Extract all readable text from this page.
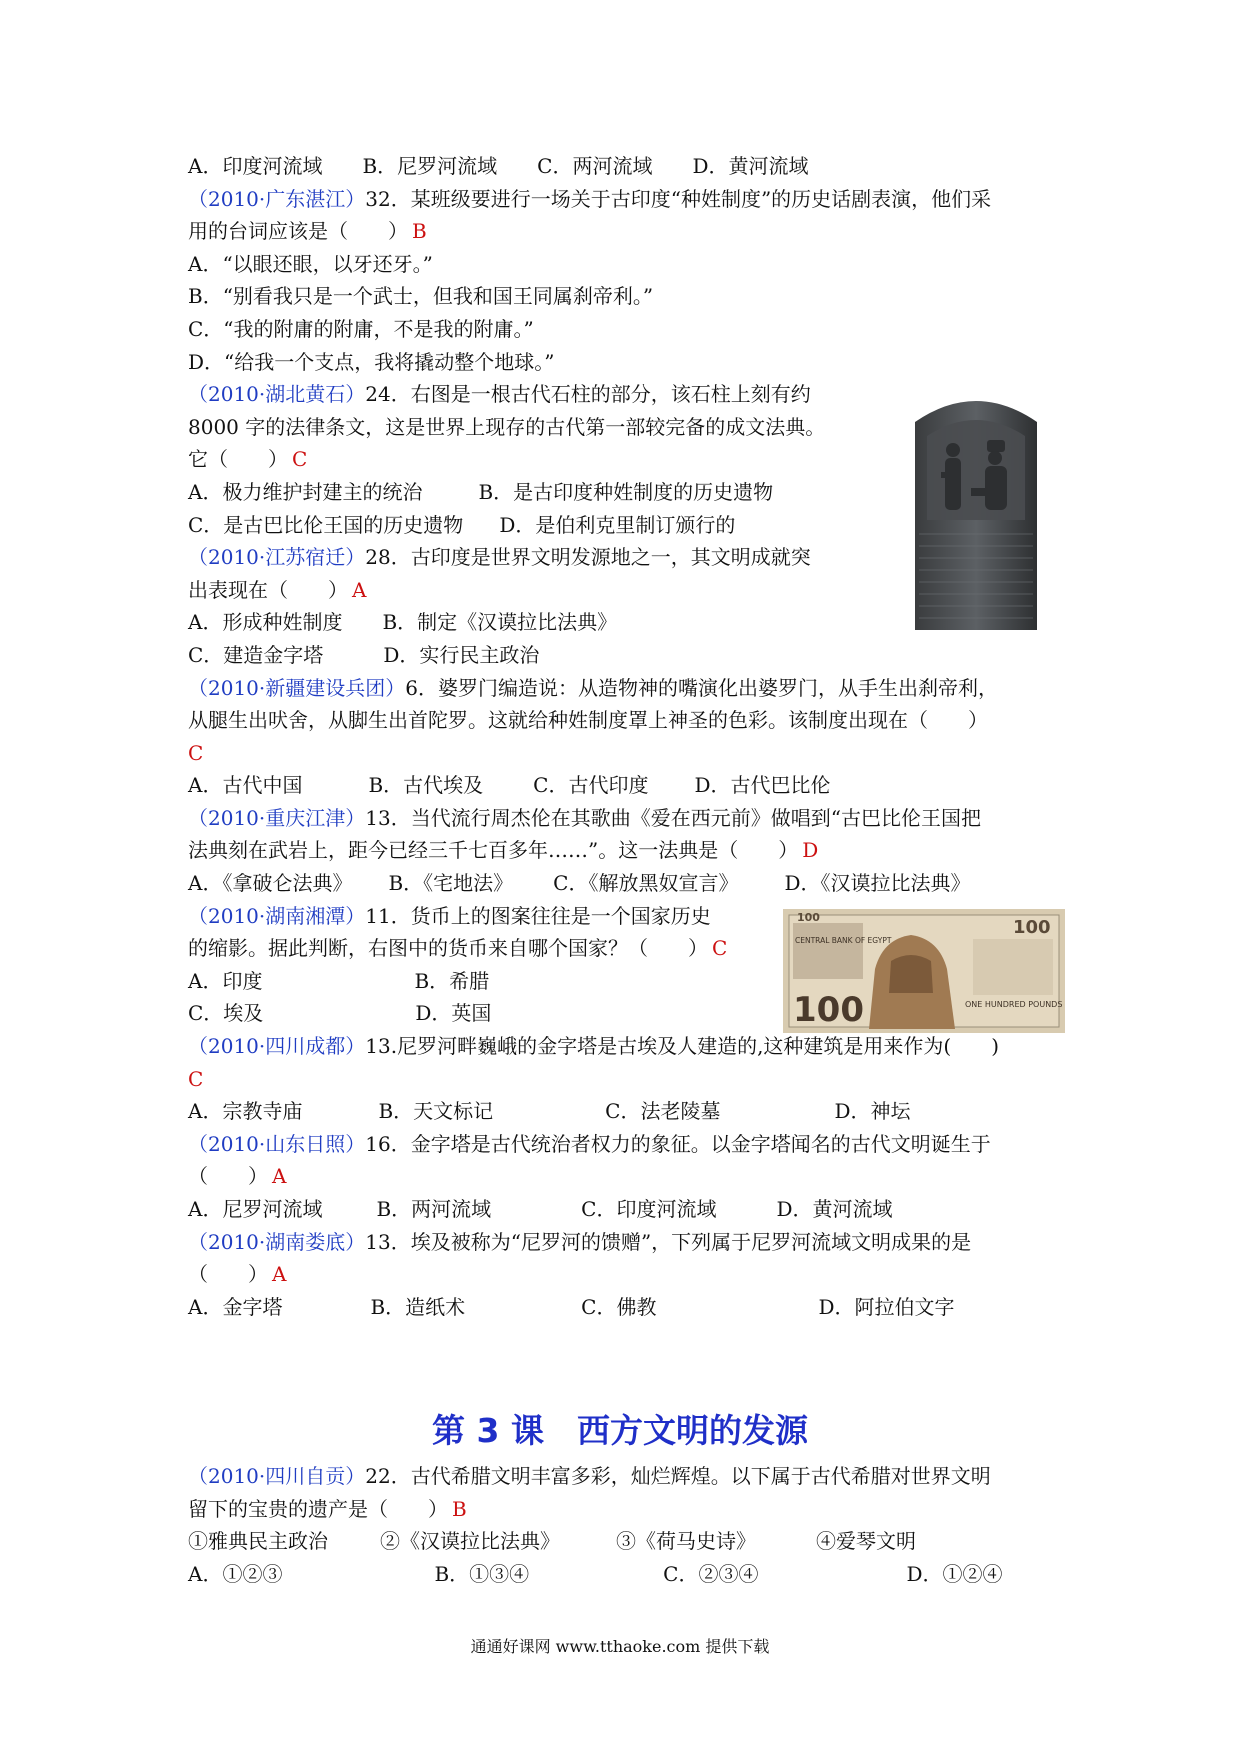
A．印度河流域 B．尼罗河流域 C．两河流域 D．黄河流域
（2010·广东湛江）32．某班级要进行一场关于古印度“种姓制度”的历史话剧表演，他们采
用的台词应该是（　　） B
A．“以眼还眼，以牙还牙。”
B．“别看我只是一个武士，但我和国王同属刹帝利。”
C．“我的附庸的附庸，不是我的附庸。”
D．“给我一个支点，我将撬动整个地球。”
（2010·湖北黄石）24．右图是一根古代石柱的部分，该石柱上刻有约
8000 字的法律条文，这是世界上现存的古代第一部较完备的成文法典。
它（　　） C
A．极力维护封建主的统治	B．是古印度种姓制度的历史遗物
C．是古巴比伦王国的历史遗物 D．是伯利克里制订颁行的
（2010·江苏宿迁）28．古印度是世界文明发源地之一，其文明成就突
出表现在（　　） A
A．形成种姓制度 B．制定《汉谟拉比法典》
C．建造金字塔	D．实行民主政治
（2010·新疆建设兵团）6．婆罗门编造说：从造物神的嘴演化出婆罗门，从手生出刹帝利，
从腿生出吠舍，从脚生出首陀罗。这就给种姓制度罩上神圣的色彩。该制度出现在（　　）
C
A．古代中国	B．古代埃及	C．古代印度 D．古代巴比伦
（2010·重庆江津）13．当代流行周杰伦在其歌曲《爱在西元前》做唱到“古巴比伦王国把
法典刻在武岩上，距今已经三千七百多年……”。这一法典是（　　） D
A．《拿破仑法典》 B．《宅地法》 C．《解放黑奴宣言》 D．《汉谟拉比法典》
（2010·湖南湘潭）11．货币上的图案往往是一个国家历史
的缩影。据此判断，右图中的货币来自哪个国家？（　　） C
A．印度	B．希腊
C．埃及	D．英国
（2010·四川成都）13.尼罗河畔巍峨的金字塔是古埃及人建造的,这种建筑是用来作为(　　)
C
A．宗教寺庙	B．天文标记	C．法老陵墓	D．神坛
（2010·山东日照）16．金字塔是古代统治者权力的象征。以金字塔闻名的古代文明诞生于
（　　） A
A．尼罗河流域	B．两河流域	C．印度河流域	D．黄河流域
（2010·湖南娄底）13．埃及被称为“尼罗河的馈赠”，下列属于尼罗河流域文明成果的是
（　　） A
A．金字塔	B．造纸术	C．佛教	D．阿拉伯文字
100
100
100
CENTRAL BANK OF EGYPT
ONE HUNDRED POUNDS
第 3 课　西方文明的发源
（2010·四川自贡）22．古代希腊文明丰富多彩，灿烂辉煌。以下属于古代希腊对世界文明
留下的宝贵的遗产是（　　） B
①雅典民主政治	②《汉谟拉比法典》	③《荷马史诗》	④爱琴文明
A．①②③	B．①③④	C．②③④	D．①②④
通通好课网 www.tthaoke.com 提供下载
